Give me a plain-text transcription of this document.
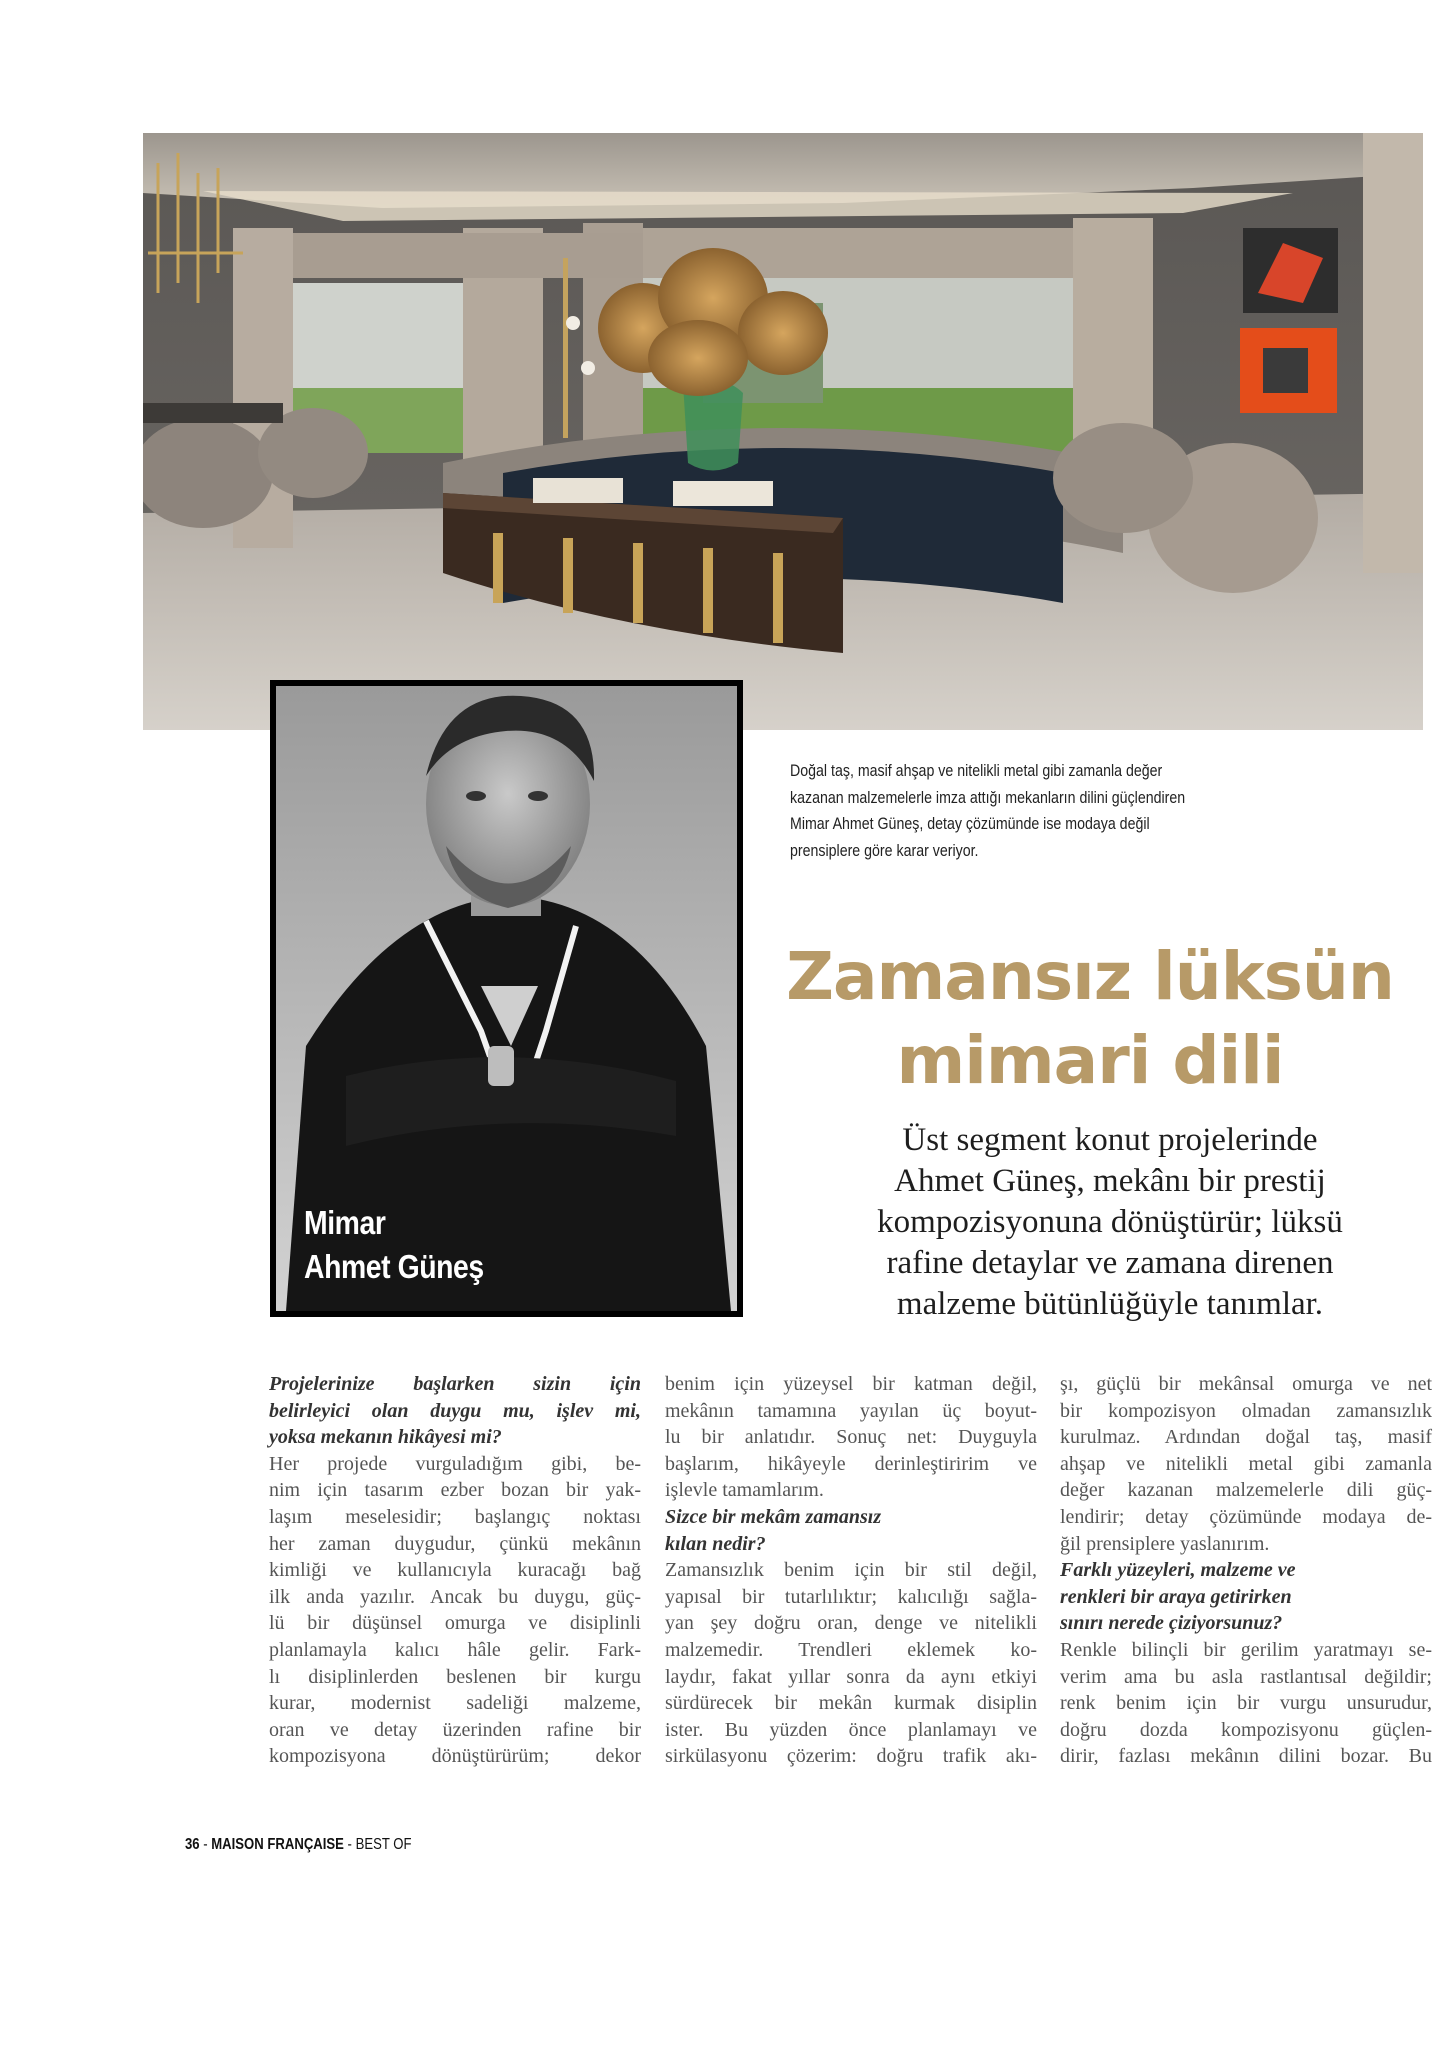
Mimar
Ahmet Güneş
Doğal taş, masif ahşap ve nitelikli metal gibi zamanla değer
kazanan malzemelerle imza attığı mekanların dilini güçlendiren
Mimar Ahmet Güneş, detay çözümünde ise modaya değil
prensiplere göre karar veriyor.
Zamansız lüksün
mimari dili
Üst segment konut projelerinde
Ahmet Güneş, mekânı bir prestij
kompozisyonuna dönüştürür; lüksü
rafine detaylar ve zamana direnen
malzeme bütünlüğüyle tanımlar.
Projelerinize başlarken sizin için
belirleyici olan duygu mu, işlev mi,
yoksa mekanın hikâyesi mi?
Her projede vurguladığım gibi, be-
nim için tasarım ezber bozan bir yak-
laşım meselesidir; başlangıç noktası
her zaman duygudur, çünkü mekânın
kimliği ve kullanıcıyla kuracağı bağ
ilk anda yazılır. Ancak bu duygu, güç-
lü bir düşünsel omurga ve disiplinli
planlamayla kalıcı hâle gelir. Fark-
lı disiplinlerden beslenen bir kurgu
kurar, modernist sadeliği malzeme,
oran ve detay üzerinden rafine bir
kompozisyona dönüştürürüm; dekor
benim için yüzeysel bir katman değil,
mekânın tamamına yayılan üç boyut-
lu bir anlatıdır. Sonuç net: Duyguyla
başlarım, hikâyeyle derinleştiririm ve
işlevle tamamlarım.
Sizce bir mekâm zamansız
kılan nedir?
Zamansızlık benim için bir stil değil,
yapısal bir tutarlılıktır; kalıcılığı sağla-
yan şey doğru oran, denge ve nitelikli
malzemedir. Trendleri eklemek ko-
laydır, fakat yıllar sonra da aynı etkiyi
sürdürecek bir mekân kurmak disiplin
ister. Bu yüzden önce planlamayı ve
sirkülasyonu çözerim: doğru trafik akı-
şı, güçlü bir mekânsal omurga ve net
bir kompozisyon olmadan zamansızlık
kurulmaz. Ardından doğal taş, masif
ahşap ve nitelikli metal gibi zamanla
değer kazanan malzemelerle dili güç-
lendirir; detay çözümünde modaya de-
ğil prensiplere yaslanırım.
Farklı yüzeyleri, malzeme ve
renkleri bir araya getirirken
sınırı nerede çiziyorsunuz?
Renkle bilinçli bir gerilim yaratmayı se-
verim ama bu asla rastlantısal değildir;
renk benim için bir vurgu unsurudur,
doğru dozda kompozisyonu güçlen-
dirir, fazlası mekânın dilini bozar. Bu
36 - MAISON FRANÇAISE - BEST OF
